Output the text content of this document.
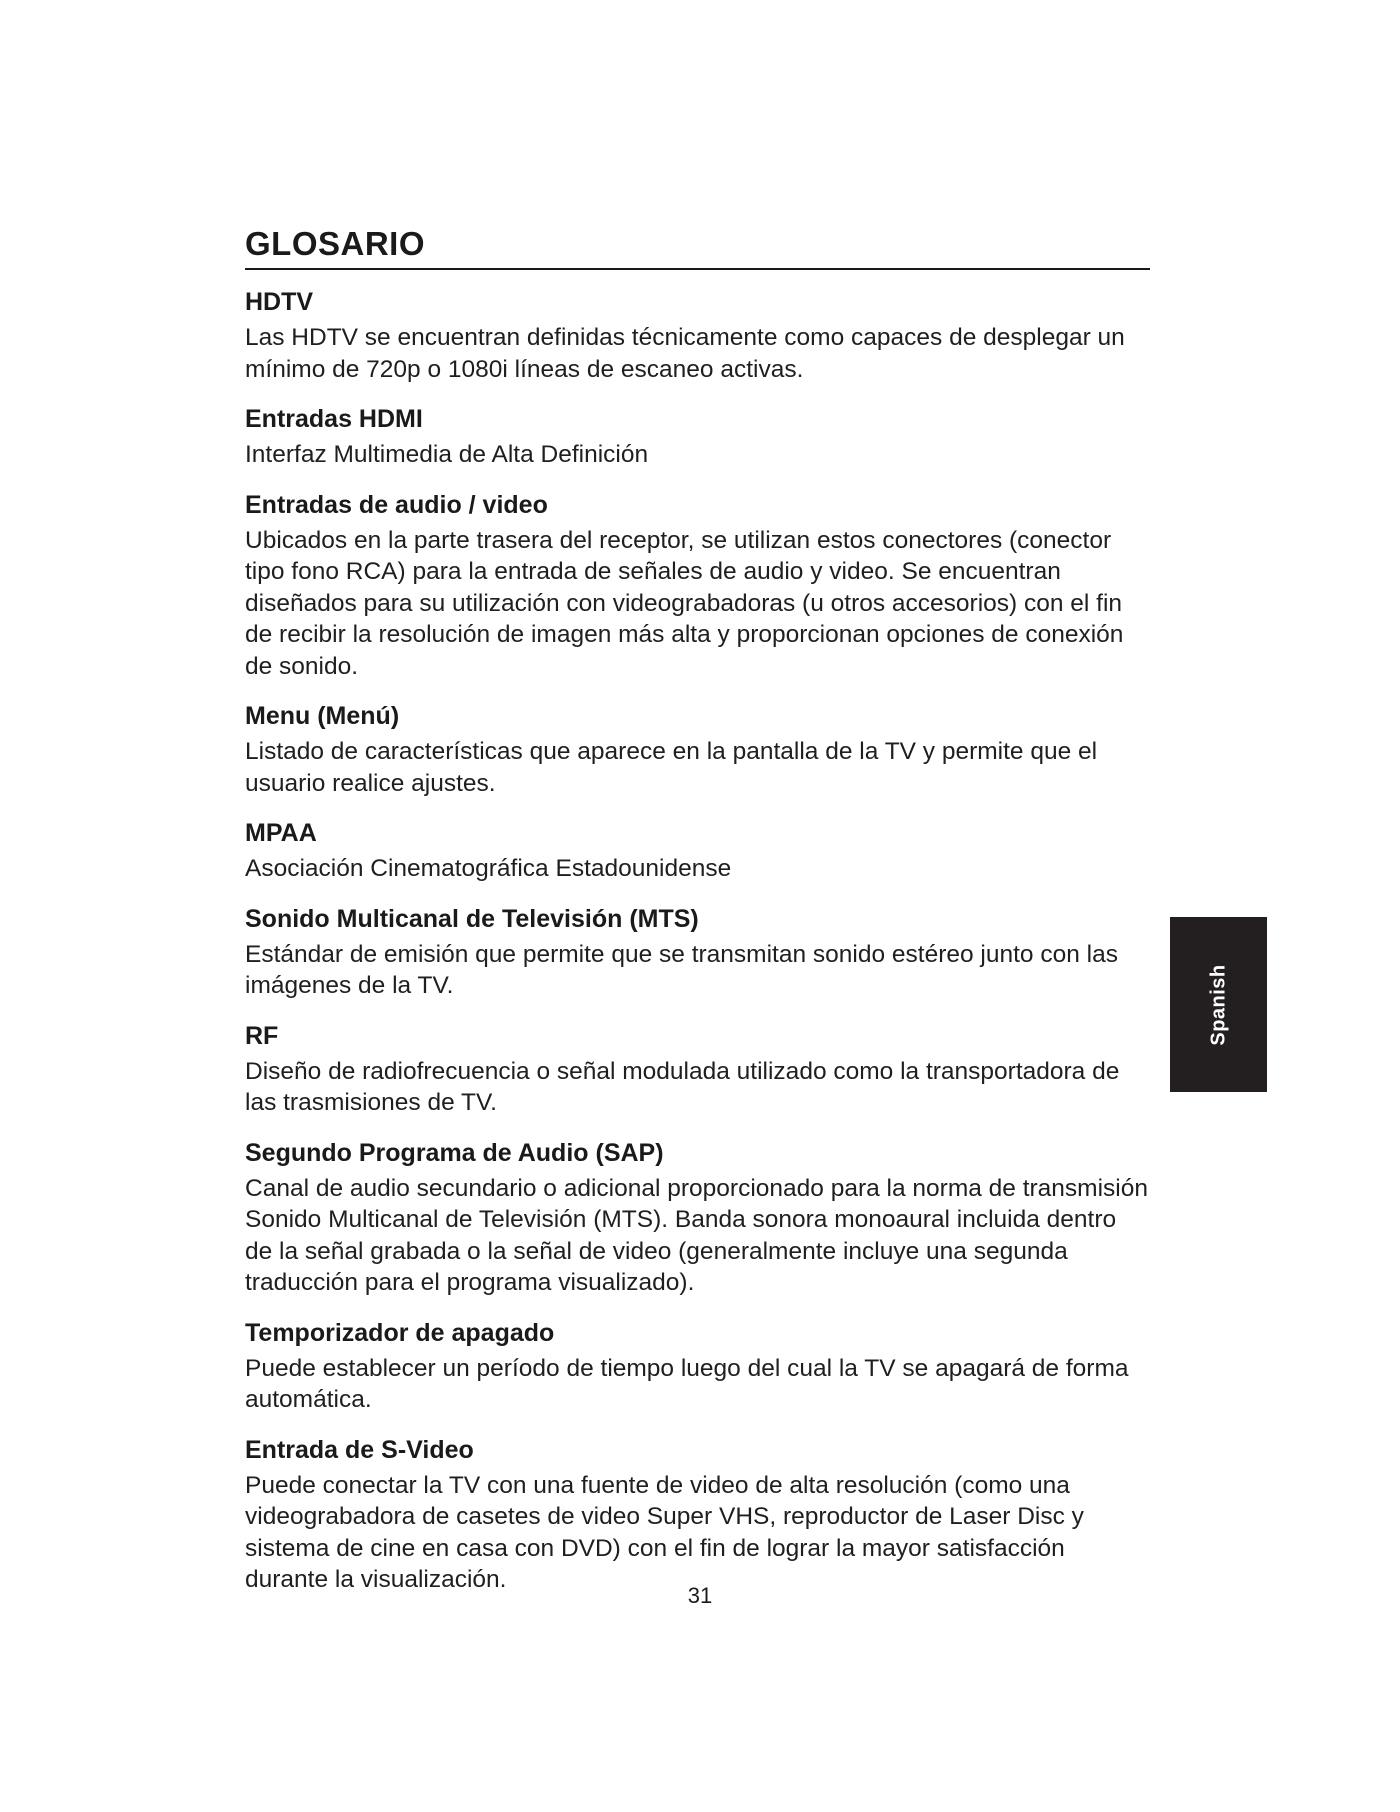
GLOSARIO
HDTV

Las HDTV se encuentran definidas técnicamente como capaces de desplegar un mínimo de 720p o 1080i líneas de escaneo activas.

Entradas HDMI

Interfaz Multimedia de Alta Definición

Entradas de audio / video

Ubicados en la parte trasera del receptor, se utilizan estos conectores (conector tipo fono RCA) para la entrada de señales de audio y video. Se encuentran diseñados para su utilización con videograbadoras (u otros accesorios) con el fin de recibir la resolución de imagen más alta y proporcionan opciones de conexión de sonido.

Menu (Menú)

Listado de características que aparece en la pantalla de la TV y permite que el usuario realice ajustes.

MPAA

Asociación Cinematográfica Estadounidense

Sonido Multicanal de Televisión (MTS)

Estándar de emisión que permite que se transmitan sonido estéreo junto con las imágenes de la TV.

RF

Diseño de radiofrecuencia o señal modulada utilizado como la transportadora de las trasmisiones de TV.

Segundo Programa de Audio (SAP)

Canal de audio secundario o adicional proporcionado para la norma de transmisión Sonido Multicanal de Televisión (MTS). Banda sonora monoaural incluida dentro de la señal grabada o la señal de video (generalmente incluye una segunda traducción para el programa visualizado).

Temporizador de apagado

Puede establecer un período de tiempo luego del cual la TV se apagará de forma automática.

Entrada de S-Video

Puede conectar la TV con una fuente de video de alta resolución (como una videograbadora de casetes de video Super VHS, reproductor de Laser Disc y sistema de cine en casa con DVD) con el fin de lograr la mayor satisfacción durante la visualización.

Spanish
31
